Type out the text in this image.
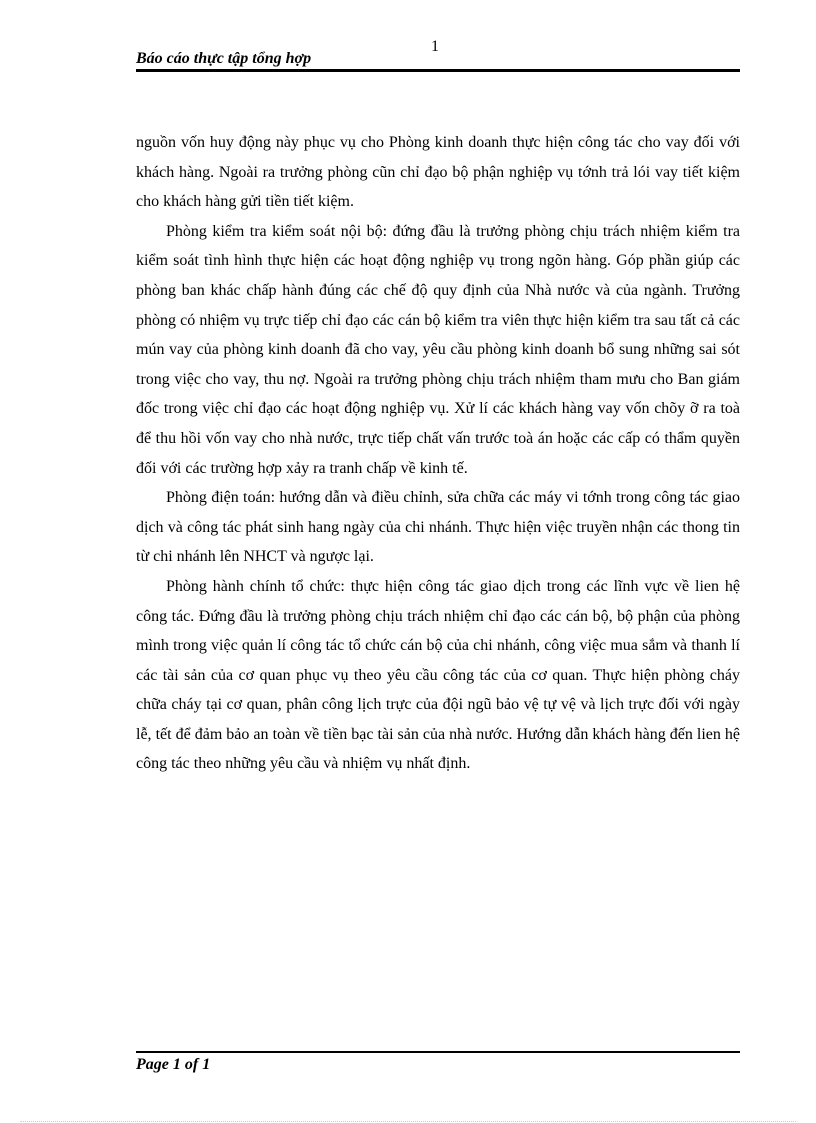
1
Báo cáo thực tập tổng hợp

nguồn vốn huy động này phục vụ cho Phòng kinh doanh thực hiện công tác cho vay đối với khách hàng. Ngoài ra trưởng phòng cũn chỉ đạo bộ phận nghiệp vụ tớnh trả lói vay tiết kiệm cho khách hàng gửi tiền tiết kiệm.

Phòng kiểm tra kiểm soát nội bộ: đứng đầu là trưởng phòng chịu trách nhiệm kiểm tra kiểm soát tình hình thực hiện các hoạt động nghiệp vụ trong ngõn hàng. Góp phần giúp các phòng ban khác chấp hành đúng các chế độ quy định của Nhà nước và của ngành. Trưởng phòng có nhiệm vụ trực tiếp chỉ đạo các cán bộ kiểm tra viên thực hiện kiểm tra sau tất cả các mún vay của phòng kinh doanh đã cho vay, yêu cầu phòng kinh doanh bổ sung những sai sót trong việc cho vay, thu nợ. Ngoài ra trưởng phòng chịu trách nhiệm tham mưu cho Ban giám đốc trong việc chỉ đạo các hoạt động nghiệp vụ. Xử lí các khách hàng vay vốn chõy ỡ ra toà để thu hồi vốn vay cho nhà nước, trực tiếp chất vấn trước toà án hoặc các cấp có thẩm quyền đối với các trường hợp xảy ra tranh chấp về kinh tế.

Phòng điện toán: hướng dẫn và điều chỉnh, sửa chữa các máy vi tớnh trong công tác giao dịch và công tác phát sinh hang ngày của chi nhánh. Thực hiện việc truyền nhận các thong tin từ chi nhánh lên NHCT và ngược lại.

Phòng hành chính tổ chức: thực hiện công tác giao dịch trong các lĩnh vực về lien hệ công tác. Đứng đầu là trưởng phòng chịu trách nhiệm chỉ đạo các cán bộ, bộ phận của phòng mình trong việc quản lí công tác tổ chức cán bộ của chi nhánh, công việc mua sắm và thanh lí các tài sản của cơ quan phục vụ theo yêu cầu công tác của cơ quan. Thực hiện phòng cháy chữa cháy tại cơ quan, phân công lịch trực của đội ngũ bảo vệ tự vệ và lịch trực đối với ngày lễ, tết để đảm bảo an toàn về tiền bạc tài sản của nhà nước. Hướng dẫn khách hàng đến lien hệ công tác theo những yêu cầu và nhiệm vụ nhất định.

Page 1 of 1
